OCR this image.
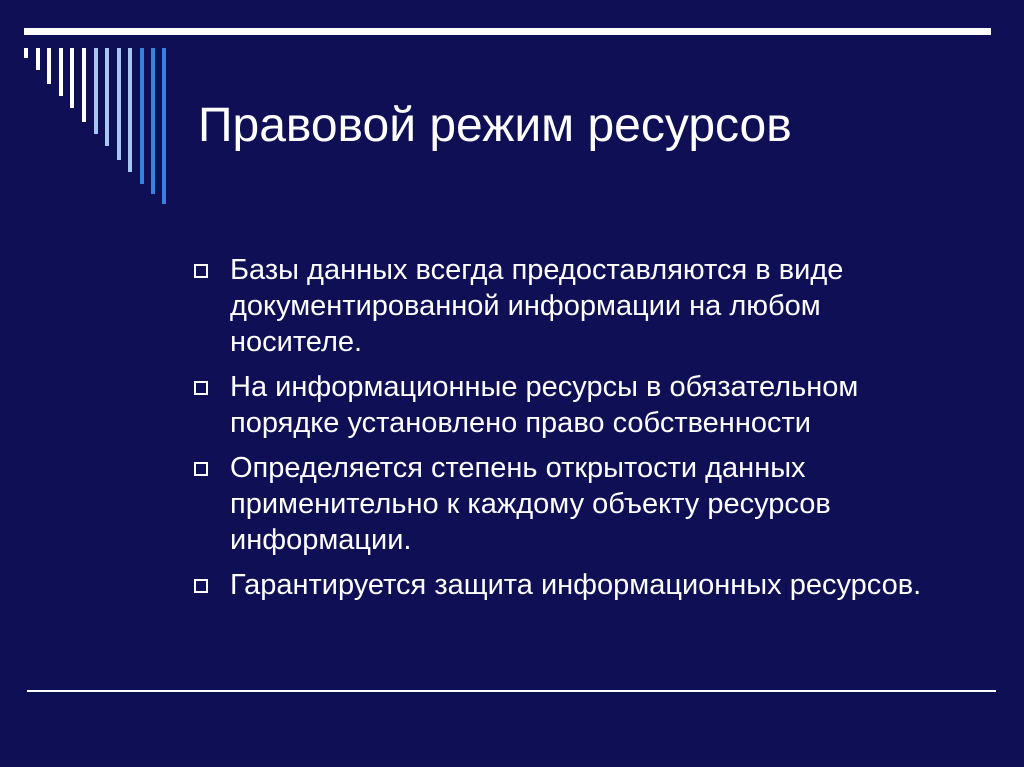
Правовой режим ресурсов
Базы данных всегда предоставляются в виде документированной информации на любом носителе.
На информационные ресурсы в обязательном порядке установлено право собственности
Определяется степень открытости данных применительно к каждому объекту ресурсов информации.
Гарантируется защита информационных ресурсов.
